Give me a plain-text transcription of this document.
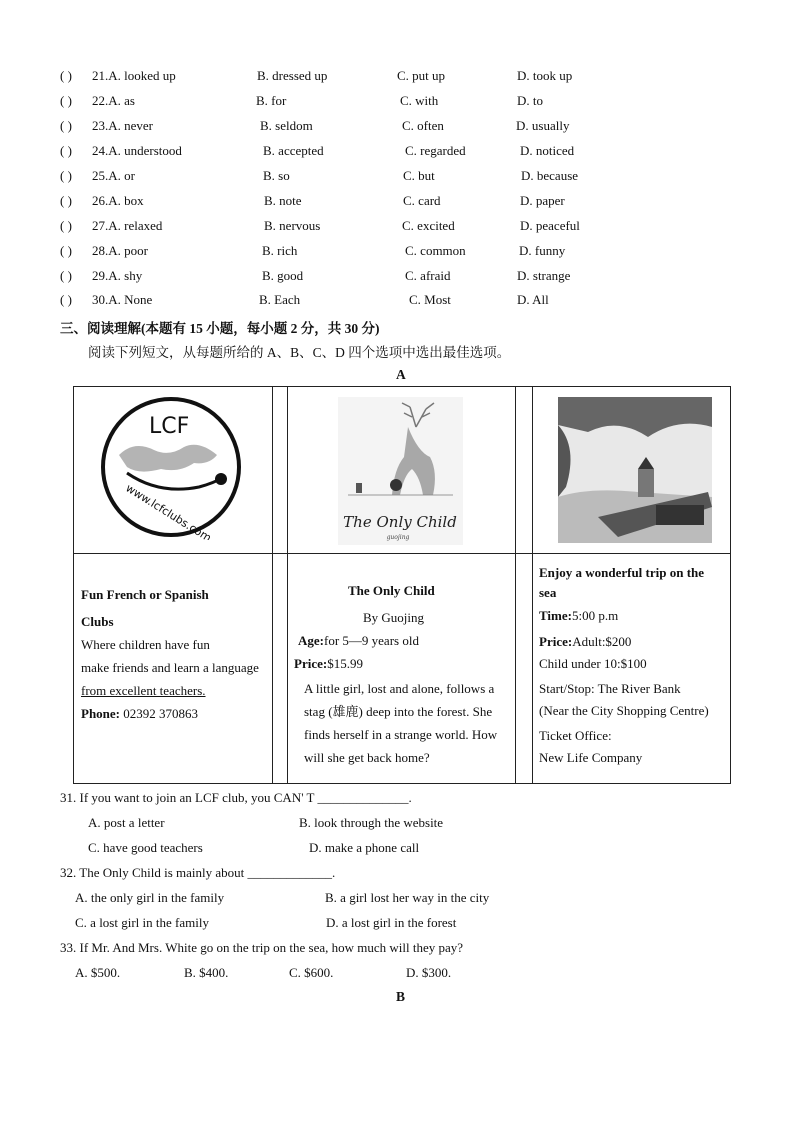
( ) 21.A. looked up	B. dressed up	C. put up	D. took up
( ) 22.A. as	B. for	C. with	D. to
( ) 23.A. never	B. seldom	C. often	D. usually
( ) 24.A. understood	B. accepted	C. regarded	D. noticed
( ) 25.A. or	B. so	C. but	D. because
( ) 26.A. box	B. note	C. card	D. paper
( ) 27.A. relaxed	B. nervous	C. excited	D. peaceful
( ) 28.A. poor	B. rich	C. common	D. funny
( ) 29.A. shy	B. good	C. afraid	D. strange
( ) 30.A. None	B. Each	C. Most	D. All
三、阅读理解(本题有 15 小题，每小题 2 分，共 30 分)
阅读下列短文，从每题所给的 A、B、C、D 四个选项中选出最佳选项。
A
LCF
www.lcfclubs.com	The Only Child
guojing
Fun French or Spanish
Clubs
Where children have fun
make friends and learn a language
from excellent teachers.
Phone: 02392 370863
The Only Child
By Guojing
Age:for 5—9 years old
Price:$15.99
A little girl, lost and alone, follows a
stag (雄鹿) deep into the forest. She
finds herself in a strange world. How
will she get back home?
Enjoy a wonderful trip on the
sea
Time:5:00 p.m
Price:Adult:$200
Child under 10:$100
Start/Stop: The River Bank
(Near the City Shopping Centre)
Ticket Office:
New Life Company
31. If you want to join an LCF club, you CAN' T ______________.
A. post a letter	B. look through the website
C. have good teachers	D. make a phone call
32. The Only Child is mainly about _____________.
A. the only girl in the family	B. a girl lost her way in the city
C. a lost girl in the family	D. a lost girl in the forest
33. If Mr. And Mrs. White go on the trip on the sea, how much will they pay?
A. $500.	B. $400.	C. $600.	D. $300.
B
